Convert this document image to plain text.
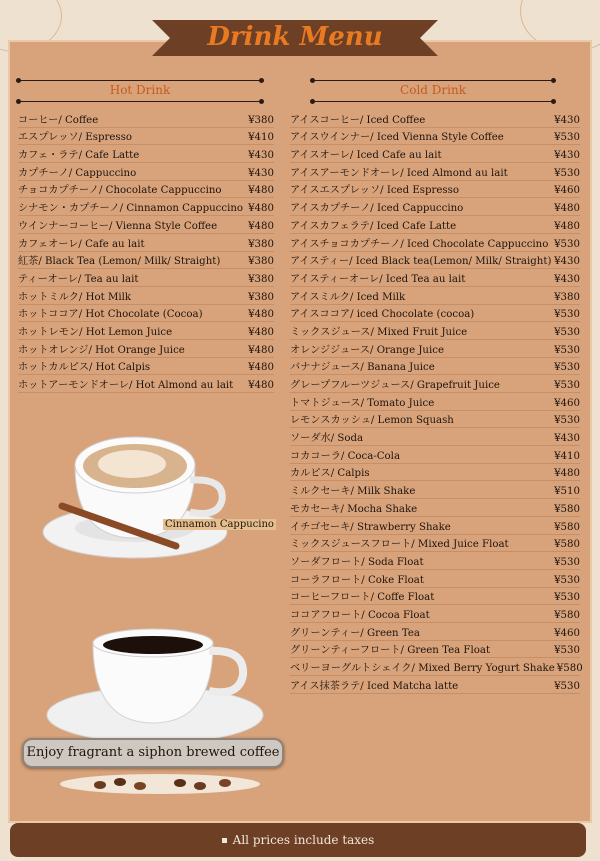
Drink Menu
Hot Drink	Cold Drink
コーヒー/ Coffee	¥380
エスプレッソ/ Espresso	¥410
カフェ・ラテ/ Cafe Latte	¥430
カプチーノ/ Cappuccino	¥430
チョコカプチーノ/ Chocolate Cappuccino	¥480
シナモン・カプチーノ/ Cinnamon Cappuccino ¥480
ウインナーコーヒー/ Vienna Style Coffee	¥480
カフェオーレ/ Cafe au lait	¥380
紅茶/ Black Tea (Lemon/ Milk/ Straight)	¥380
ティーオーレ/ Tea au lait	¥380
ホットミルク/ Hot Milk	¥380
ホットココア/ Hot Chocolate (Cocoa)	¥480
ホットレモン/ Hot Lemon Juice	¥480
ホットオレンジ/ Hot Orange Juice	¥480
ホットカルピス/ Hot Calpis	¥480
ホットアーモンドオーレ/ Hot Almond au lait ¥480
アイスコーヒー/ Iced Coffee	¥430
アイスウインナー/ Iced Vienna Style Coffee	¥530
アイスオーレ/ Iced Cafe au lait	¥430
アイスアーモンドオーレ/ Iced Almond au lait	¥530
アイスエスプレッソ/ Iced Espresso	¥460
アイスカプチーノ/ Iced Cappuccino	¥480
アイスカフェラテ/ Iced Cafe Latte	¥480
アイスチョコカプチーノ/ Iced Chocolate Cappuccino ¥530
アイスティー/ Iced Black tea(Lemon/ Milk/ Straight) ¥430
アイスティーオーレ/ Iced Tea au lait	¥430
アイスミルク/ Iced Milk	¥380
アイスココア/ iced Chocolate (cocoa)	¥530
ミックスジュース/ Mixed Fruit Juice	¥530
オレンジジュース/ Orange Juice	¥530
バナナジュース/ Banana Juice	¥530
グレープフルーツジュース/ Grapefruit Juice	¥530
トマトジュース/ Tomato Juice	¥460
レモンスカッシュ/ Lemon Squash	¥530
ソーダ水/ Soda	¥430
コカコーラ/ Coca-Cola	¥410
カルピス/ Calpis	¥480
ミルクセーキ/ Milk Shake	¥510
モカセーキ/ Mocha Shake	¥580
イチゴセーキ/ Strawberry Shake	¥580
ミックスジュースフロート/ Mixed Juice Float	¥580
ソーダフロート/ Soda Float	¥530
コーラフロート/ Coke Float	¥530
コーヒーフロート/ Coffe Float	¥530
ココアフロート/ Cocoa Float	¥580
グリーンティー/ Green Tea	¥460
グリーンティーフロート/ Green Tea Float	¥530
ベリーヨーグルトシェイク/ Mixed Berry Yogurt Shake ¥580
アイス抹茶ラテ/ Iced Matcha latte	¥530
Cinnamon Cappucino
Enjoy fragrant a siphon brewed coffee
All prices include taxes
